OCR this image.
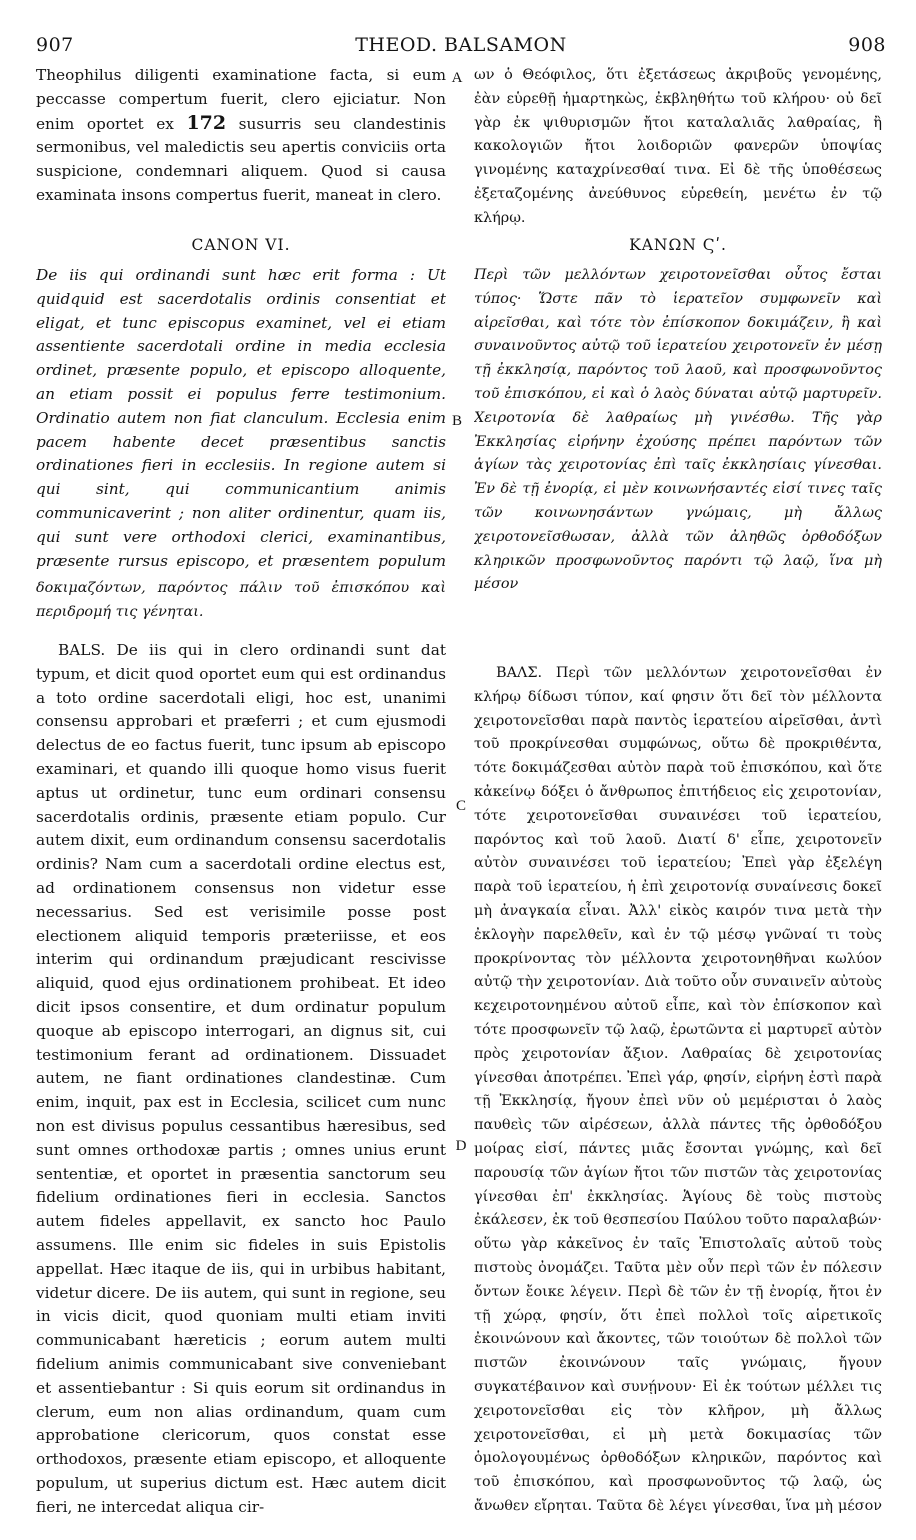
907	THEOD. BALSAMON	908

Theophilus diligenti examinatione facta, si eum peccasse compertum fuerit, clero ejiciatur. Non enim oportet ex 172 susurris seu clandestinis sermonibus, vel maledictis seu apertis conviciis orta suspicione, condemnari aliquem. Quod si causa examinata insons compertus fuerit, maneat in clero.

CANON VI.
De iis qui ordinandi sunt hæc erit forma : Ut quidquid est sacerdotalis ordinis consentiat et eligat, et tunc episcopus examinet, vel ei etiam assentiente sacerdotali ordine in media ecclesia ordinet, præsente populo, et episcopo alloquente, an etiam possit ei populus ferre testimonium. Ordinatio autem non fiat clanculum. Ecclesia enim pacem habente decet præsentibus sanctis ordinationes fieri in ecclesiis. In regione autem si qui sint, qui communicantium animis communicaverint ; non aliter ordinentur, quam iis, qui sunt vere orthodoxi clerici, examinantibus, præsente rursus episcopo, et præsentem populum
δοκιμαζόντων, παρόντος πάλιν τοῦ ἐπισκόπου καὶ περιδρομή τις γένηται.
BALS. De iis qui in clero ordinandi sunt dat typum, et dicit quod oportet eum qui est ordinandus a toto ordine sacerdotali eligi, hoc est, unanimi consensu approbari et præferri ; et cum ejusmodi delectus de eo factus fuerit, tunc ipsum ab episcopo examinari, et quando illi quoque homo visus fuerit aptus ut ordinetur, tunc eum ordinari consensu sacerdotalis ordinis, præsente etiam populo. Cur autem dixit, eum ordinandum consensu sacerdotalis ordinis? Nam cum a sacerdotali ordine electus est, ad ordinationem consensus non videtur esse necessarius. Sed est verisimile posse post electionem aliquid temporis præteriisse, et eos interim qui ordinandum præjudicant rescivisse aliquid, quod ejus ordinationem prohibeat. Et ideo dicit ipsos consentire, et dum ordinatur populum quoque ab episcopo interrogari, an dignus sit, cui testimonium ferant ad ordinationem. Dissuadet autem, ne fiant ordinationes clandestinæ. Cum enim, inquit, pax est in Ecclesia, scilicet cum nunc non est divisus populus cessantibus hæresibus, sed sunt omnes orthodoxæ partis ; omnes unius erunt sententiæ, et oportet in præsentia sanctorum seu fidelium ordinationes fieri in ecclesia. Sanctos autem fideles appellavit, ex sancto hoc Paulo assumens. Ille enim sic fideles in suis Epistolis appellat. Hæc itaque de iis, qui in urbibus habitant, videtur dicere. De iis autem, qui sunt in regione, seu in vicis dicit, quod quoniam multi etiam inviti communicabant hæreticis ; eorum autem multi fidelium animis communicabant sive conveniebant et assentiebantur : Si quis eorum sit ordinandus in clerum, eum non alias ordinandum, quam cum approbatione clericorum, quos constat esse orthodoxos, præsente etiam episcopo, et alloquente populum, ut superius dictum est. Hæc autem dicit fieri, ne intercedat aliqua cir-
A
B
C
D
ων ὁ Θεόφιλος, ὅτι ἐξετάσεως ἀκριβοῦς γενομένης, ἐὰν εὑρεθῇ ἡμαρτηκὼς, ἐκβληθήτω τοῦ κλήρου· οὐ δεῖ γὰρ ἐκ ψιθυρισμῶν ἤτοι καταλαλιᾶς λαθραίας, ἢ κακολογιῶν ἤτοι λοιδοριῶν φανερῶν ὑποψίας γινομένης καταχρίνεσθαί τινα. Εἰ δὲ τῆς ὑποθέσεως ἐξεταζομένης ἀνεύθυνος εὑρεθείη, μενέτω ἐν τῷ κλήρῳ.
ΚΑΝΩΝ Ϛʹ.
Περὶ τῶν μελλόντων χειροτονεῖσθαι οὗτος ἔσται τύπος· Ὥστε πᾶν τὸ ἱερατεῖον συμφωνεῖν καὶ αἱρεῖσθαι, καὶ τότε τὸν ἐπίσκοπον δοκιμάζειν, ἢ καὶ συναινοῦντος αὐτῷ τοῦ ἱερατείου χειροτονεῖν ἐν μέσῃ τῇ ἐκκλησίᾳ, παρόντος τοῦ λαοῦ, καὶ προσφωνοῦντος τοῦ ἐπισκόπου, εἰ καὶ ὁ λαὸς δύναται αὐτῷ μαρτυρεῖν. Χειροτονία δὲ λαθραίως μὴ γινέσθω. Τῆς γὰρ Ἐκκλησίας εἰρήνην ἐχούσης πρέπει παρόντων τῶν ἁγίων τὰς χειροτονίας ἐπὶ ταῖς ἐκκλησίαις γίνεσθαι. Ἐν δὲ τῇ ἐνορίᾳ, εἰ μὲν κοινωνήσαντές εἰσί τινες ταῖς τῶν κοινωνησάντων γνώμαις, μὴ ἄλλως χειροτονεῖσθωσαν, ἀλλὰ τῶν ἀληθῶς ὀρθοδόξων κληρικῶν προσφωνοῦντος παρόντι τῷ λαῷ, ἵνα μὴ μέσον
ΒΑΛΣ. Περὶ τῶν μελλόντων χειροτονεῖσθαι ἐν κλήρῳ δίδωσι τύπον, καί φησιν ὅτι δεῖ τὸν μέλλοντα χειροτονεῖσθαι παρὰ παντὸς ἱερατείου αἱρεῖσθαι, ἀντὶ τοῦ προκρίνεσθαι συμφώνως, οὕτω δὲ προκριθέντα, τότε δοκιμάζεσθαι αὐτὸν παρὰ τοῦ ἐπισκόπου, καὶ ὅτε κἀκείνῳ δόξει ὁ ἄνθρωπος ἐπιτήδειος εἰς χειροτονίαν, τότε χειροτονεῖσθαι συναινέσει τοῦ ἱερατείου, παρόντος καὶ τοῦ λαοῦ. Διατί δ' εἶπε, χειροτονεῖν αὐτὸν συναινέσει τοῦ ἱερατείου; Ἐπεὶ γὰρ ἐξελέγη παρὰ τοῦ ἱερατείου, ἡ ἐπὶ χειροτονίᾳ συναίνεσις δοκεῖ μὴ ἀναγκαία εἶναι. Ἀλλ' εἰκὸς καιρόν τινα μετὰ τὴν ἐκλογὴν παρελθεῖν, καὶ ἐν τῷ μέσῳ γνῶναί τι τοὺς προκρίνοντας τὸν μέλλοντα χειροτονηθῆναι κωλύον αὐτῷ τὴν χειροτονίαν. Διὰ τοῦτο οὖν συναινεῖν αὐτοὺς κεχειροτονημένου αὐτοῦ εἶπε, καὶ τὸν ἐπίσκοπον καὶ τότε προσφωνεῖν τῷ λαῷ, ἐρωτῶντα εἰ μαρτυρεῖ αὐτὸν πρὸς χειροτονίαν ἄξιον. Λαθραίας δὲ χειροτονίας γίνεσθαι ἀποτρέπει. Ἐπεὶ γάρ, φησίν, εἰρήνη ἐστὶ παρὰ τῇ Ἐκκλησίᾳ, ἤγουν ἐπεὶ νῦν οὐ μεμέρισται ὁ λαὸς παυθεὶς τῶν αἱρέσεων, ἀλλὰ πάντες τῆς ὀρθοδόξου μοίρας εἰσί, πάντες μιᾶς ἔσονται γνώμης, καὶ δεῖ παρουσίᾳ τῶν ἁγίων ἤτοι τῶν πιστῶν τὰς χειροτονίας γίνεσθαι ἐπ' ἐκκλησίας. Ἁγίους δὲ τοὺς πιστοὺς ἐκάλεσεν, ἐκ τοῦ θεσπεσίου Παύλου τοῦτο παραλαβών· οὕτω γὰρ κἀκεῖνος ἐν ταῖς Ἐπιστολαῖς αὐτοῦ τοὺς πιστοὺς ὀνομάζει. Ταῦτα μὲν οὖν περὶ τῶν ἐν πόλεσιν ὄντων ἔοικε λέγειν. Περὶ δὲ τῶν ἐν τῇ ἐνορίᾳ, ἤτοι ἐν τῇ χώρᾳ, φησίν, ὅτι ἐπεὶ πολλοὶ τοῖς αἱρετικοῖς ἐκοινώνουν καὶ ἄκοντες, τῶν τοιούτων δὲ πολλοὶ τῶν πιστῶν ἐκοινώνουν ταῖς γνώμαις, ἤγουν συγκατέβαινον καὶ συνῄνουν· Εἰ ἐκ τούτων μέλλει τις χειροτονεῖσθαι εἰς τὸν κλῆρον, μὴ ἄλλως χειροτονεῖσθαι, εἰ μὴ μετὰ δοκιμασίας τῶν ὁμολογουμένως ὀρθοδόξων κληρικῶν, παρόντος καὶ τοῦ ἐπισκόπου, καὶ προσφωνοῦντος τῷ λαῷ, ὡς ἄνωθεν εἴρηται. Ταῦτα δὲ λέγει γίνεσθαι, ἵνα μὴ μέσον
